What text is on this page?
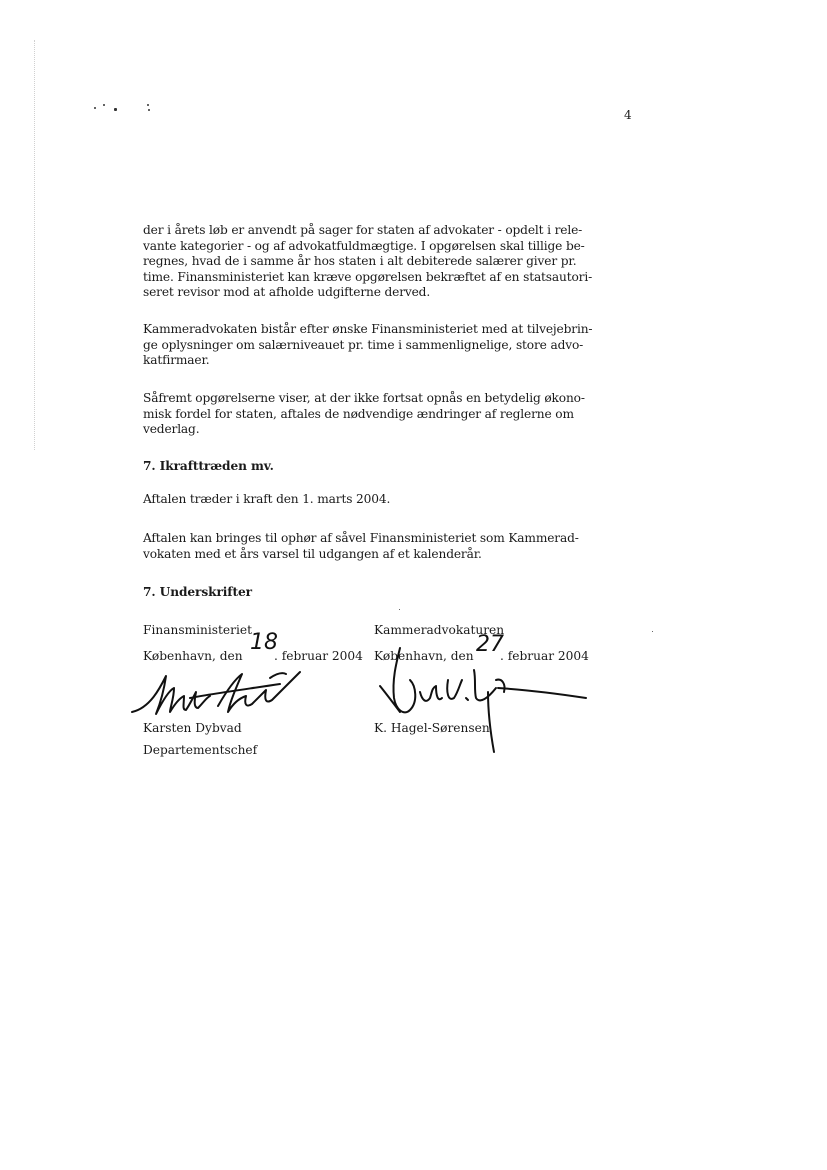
4
der i årets løb er anvendt på sager for staten af advokater - opdelt i rele-
vante kategorier - og af advokatfuldmægtige. I opgørelsen skal tillige be-
regnes, hvad de i samme år hos staten i alt debiterede salærer giver pr.
time. Finansministeriet kan kræve opgørelsen bekræftet af en statsautori-
seret revisor mod at afholde udgifterne derved.
Kammeradvokaten bistår efter ønske Finansministeriet med at tilvejebrin-
ge oplysninger om salærniveauet pr. time i sammenlignelige, store advo-
katfirmaer.
Såfremt opgørelserne viser, at der ikke fortsat opnås en betydelig økono-
misk fordel for staten, aftales de nødvendige ændringer af reglerne om
vederlag.
7. Ikrafttræden mv.
Aftalen træder i kraft den 1. marts 2004.
Aftalen kan bringes til ophør af såvel Finansministeriet som Kammerad-
vokaten med et års varsel til udgangen af et kalenderår.
7. Underskrifter
Finansministeriet
København, den
18
. februar 2004
Karsten Dybvad
Departementschef
Kammeradvokaturen
København, den 27
. februar 2004
K. Hagel-Sørensen
